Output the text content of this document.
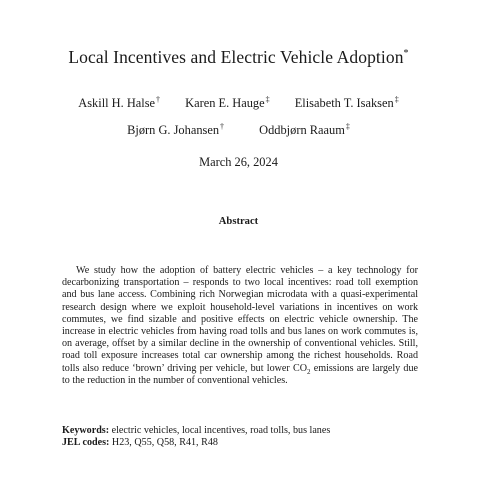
Local Incentives and Electric Vehicle Adoption*
Askill H. Halse† Karen E. Hauge‡ Elisabeth T. Isaksen‡
Bjørn G. Johansen†	Oddbjørn Raaum‡
March 26, 2024
Abstract

We study how the adoption of battery electric vehicles – a key technology for decarbonizing transportation – responds to two local incentives: road toll exemption and bus lane access. Combining rich Norwegian microdata with a quasi-experimental research design where we exploit household-level variations in incentives on work commutes, we find sizable and positive effects on electric vehicle ownership. The increase in electric vehicles from having road tolls and bus lanes on work commutes is, on average, offset by a similar decline in the ownership of conventional vehicles. Still, road toll exposure increases total car ownership among the richest households. Road tolls also reduce ‘brown’ driving per vehicle, but lower $CO_2$ emissions are largely due to the reduction in the number of conventional vehicles.

Keywords: electric vehicles, local incentives, road tolls, bus lanes
JEL codes: H23, Q55, Q58, R41, R48
